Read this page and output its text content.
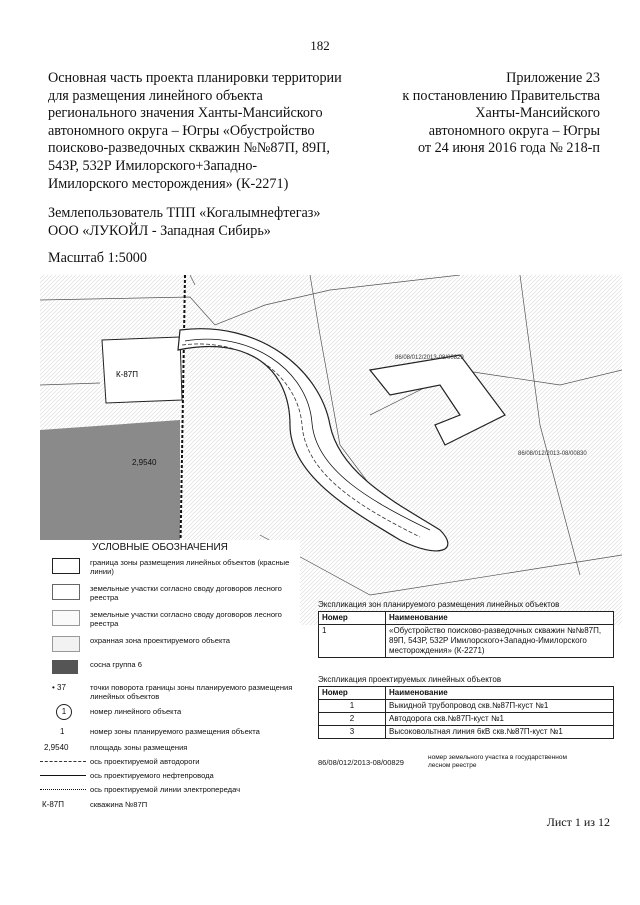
182
Основная часть проекта планировки территории
для размещения линейного объекта
регионального значения Ханты-Мансийского
автономного округа – Югры «Обустройство
поисково-разведочных скважин №№87П, 89П,
543Р, 532Р Имилорского+Западно-
Имилорского месторождения» (К-2271)
Приложение 23
к постановлению Правительства
Ханты-Мансийского
автономного округа – Югры
от 24 июня 2016 года № 218-п
Землепользователь ТПП «Когалымнефтегаз»
ООО «ЛУКОЙЛ - Западная Сибирь»
Масштаб 1:5000
К-87П
2,9540
86/08/012/2013-08/00829
86/08/012/2013-08/00830
УСЛОВНЫЕ ОБОЗНАЧЕНИЯ
граница зоны размещения линейных объектов (красные линии)
земельные участки согласно своду договоров лесного реестра
земельные участки согласно своду договоров лесного реестра
охранная зона проектируемого объекта
сосна группа 6
• 37	точки поворота границы зоны планируемого размещения линейных объектов
1	номер линейного объекта
1	номер зоны планируемого размещения объекта
2,9540	площадь зоны размещения
ось проектируемой автодороги
ось проектируемого нефтепровода
ось проектируемой линии электропередач
К-87П	скважина №87П
Экспликация зон планируемого размещения линейных объектов
Номер	Наименование
1	«Обустройство поисково-разведочных скважин №№87П, 89П, 543Р, 532Р Имилорского+Западно-Имилорского месторождения» (К-2271)
Экспликация проектируемых линейных объектов
Номер	Наименование
1	Выкидной трубопровод скв.№87П-куст №1
2	Автодорога скв.№87П-куст №1
3	Высоковольтная линия 6кВ скв.№87П-куст №1
86/08/012/2013-08/00829
номер земельного участка в государственном лесном реестре
Лист 1 из 12
